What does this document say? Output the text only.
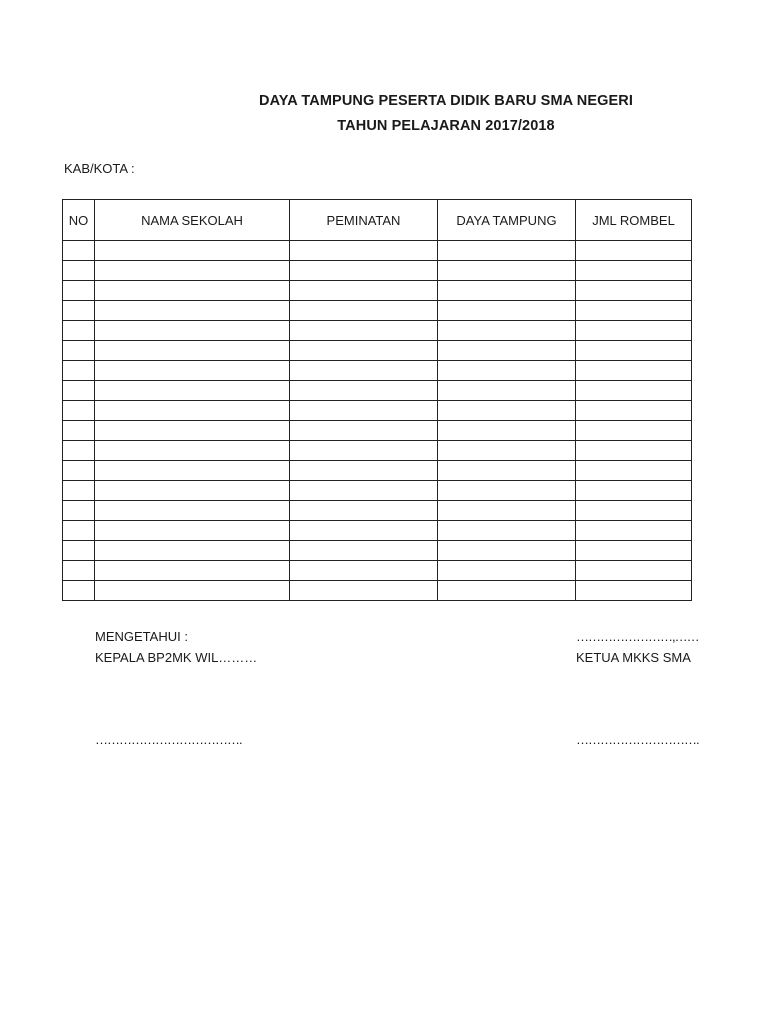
DAYA TAMPUNG PESERTA DIDIK BARU SMA NEGERI
TAHUN PELAJARAN 2017/2018
KAB/KOTA :
NO	NAMA SEKOLAH	PEMINATAN	DAYA TAMPUNG	JML ROMBEL

MENGETAHUI :
KEPALA BP2MK WIL………
……………………………….
……………………,……
KETUA MKKS SMA
………………………….
